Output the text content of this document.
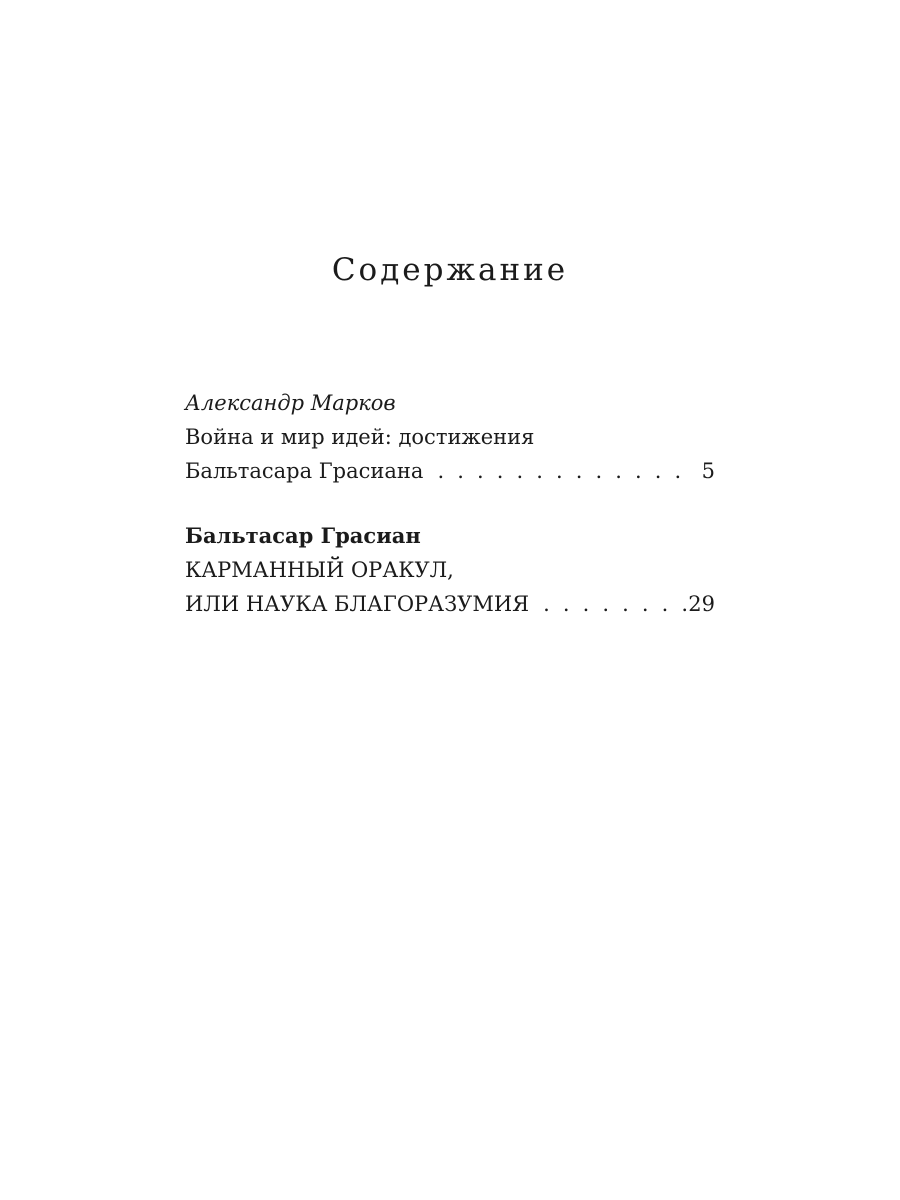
Содержание
Александр Марков
Война и мир идей: достижения
Бальтасара Грасиана . . .	5
Бальтасар Грасиан
КАРМАННЫЙ ОРАКУЛ,
ИЛИ НАУКА БЛАГОРАЗУМИЯ . . .	29
